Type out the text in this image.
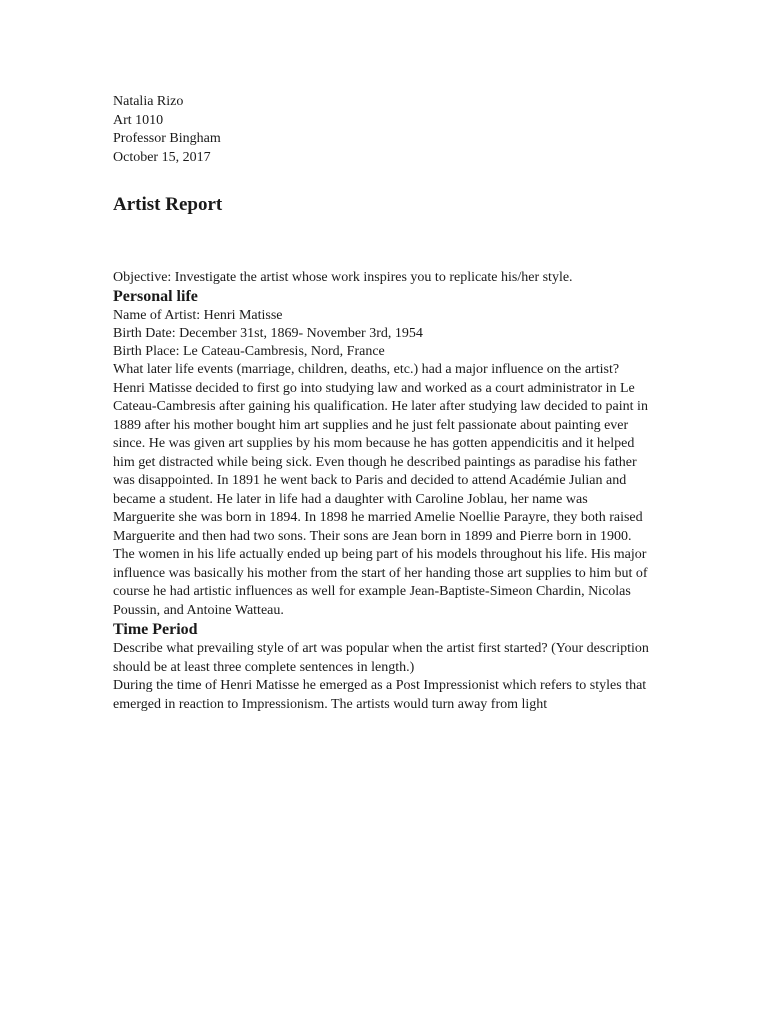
Natalia Rizo
Art 1010
Professor Bingham
October 15, 2017
Artist Report

Objective: Investigate the artist whose work inspires you to replicate his/her style.

Personal life

Name of Artist: Henri Matisse

Birth Date: December 31st, 1869- November 3rd, 1954

Birth Place: Le Cateau-Cambresis, Nord, France

What later life events (marriage, children, deaths, etc.) had a major influence on the artist?

Henri Matisse decided to first go into studying law and worked as a court administrator in Le Cateau-Cambresis after gaining his qualification. He later after studying law decided to paint in 1889 after his mother bought him art supplies and he just felt passionate about painting ever since. He was given art supplies by his mom because he has gotten appendicitis and it helped him get distracted while being sick. Even though he described paintings as paradise his father was disappointed. In 1891 he went back to Paris and decided to attend Académie Julian and became a student. He later in life had a daughter with Caroline Joblau, her name was Marguerite she was born in 1894. In 1898 he married Amelie Noellie Parayre, they both raised Marguerite and then had two sons. Their sons are Jean born in 1899 and Pierre born in 1900. The women in his life actually ended up being part of his models throughout his life. His major influence was basically his mother from the start of her handing those art supplies to him but of course he had artistic influences as well for example Jean-Baptiste-Simeon Chardin, Nicolas Poussin, and Antoine Watteau.

Time Period

Describe what prevailing style of art was popular when the artist first started? (Your description should be at least three complete sentences in length.)

During the time of Henri Matisse he emerged as a Post Impressionist which refers to styles that emerged in reaction to Impressionism. The artists would turn away from light
